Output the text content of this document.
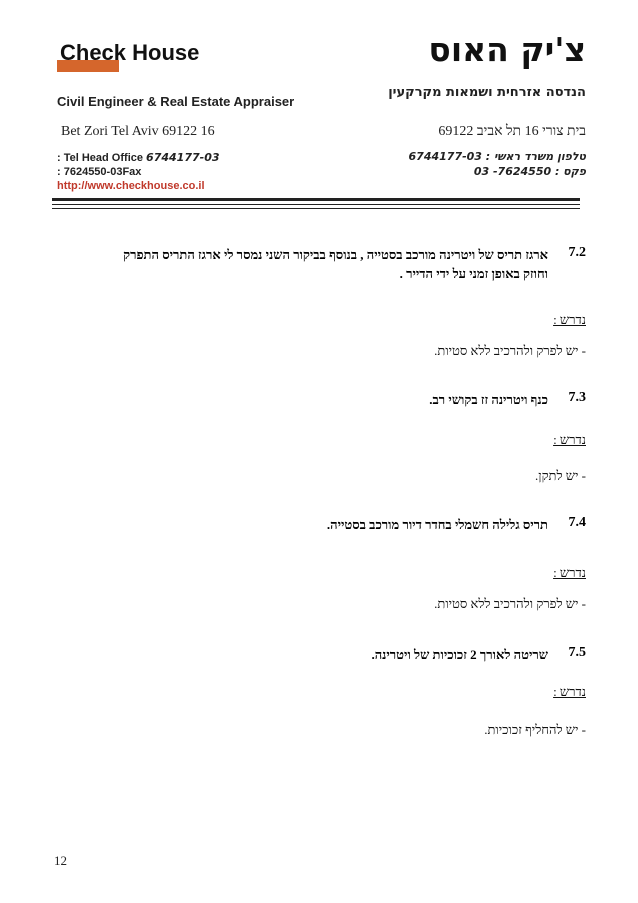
Check House	צ'יק האוס
Civil Engineer & Real Estate Appraiser
הנדסה אזרחית ושמאות מקרקעין
Bet Zori Tel Aviv 69122 16	בית צורי 16 תל אביב 69122
: Tel Head Office 6744177-03
: 7624550-03Fax
http://www.checkhouse.co.il
טלפון משרד ראשי : 6744177-03
פקס : 7624550- 03
7.2
ארגז תריס של ויטרינה מורכב בסטייה , בנוסף בביקור השני נמסר לי ארגז התריס התפרק
וחוזק באופן זמני על ידי הדייר .
נדרש :
- יש לפרק ולהרכיב ללא סטיות.
7.3
כנף ויטרינה זז בקושי רב.
נדרש :
- יש לתקן.
7.4
תריס גלילה חשמלי בחדר דיור מורכב בסטייה.
נדרש :
- יש לפרק ולהרכיב ללא סטיות.
7.5
שריטה לאורך 2 זכוכיות של ויטרינה.
נדרש :
- יש להחליף זכוכיות.
12
